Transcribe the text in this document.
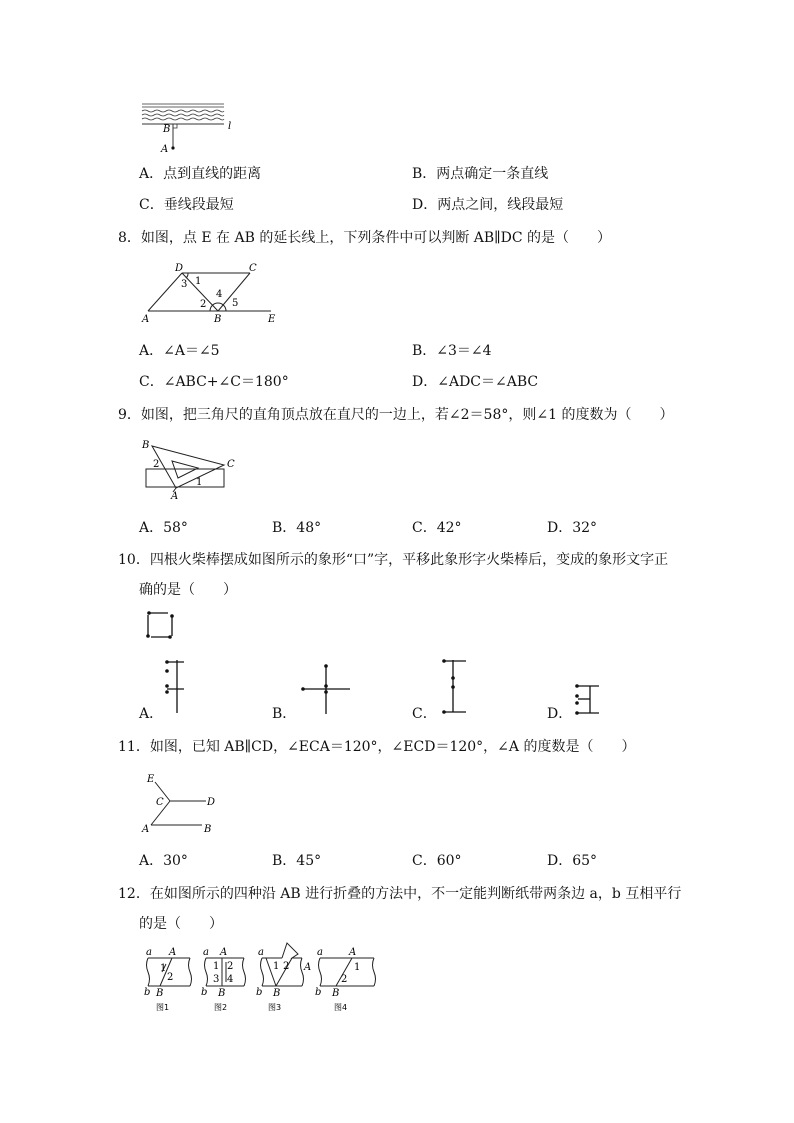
B
A
l
A．点到直线的距离	B．两点确定一条直线
C．垂线段最短	D．两点之间，线段最短
8．如图，点 E 在 AB 的延长线上，下列条件中可以判断 AB∥DC 的是（　　）
D	C
A	B	E
1
3
2
4
5
A．∠A＝∠5	B．∠3＝∠4
C．∠ABC+∠C＝180°	D．∠ADC＝∠ABC
9．如图，把三角尺的直角顶点放在直尺的一边上，若∠2＝58°，则∠1 的度数为（　　）
B
C
A
2
1
A．58°	B．48°	C．42°	D．32°
10．四根火柴棒摆成如图所示的象形“口”字，平移此象形字火柴棒后，变成的象形文字正
确的是（　　）
A．	B．	C．	D．
11．如图，已知 AB∥CD，∠ECA＝120°，∠ECD＝120°，∠A 的度数是（　　）
E
C	D
A	B
A．30°	B．45°	C．60°	D．65°
12．在如图所示的四种沿 AB 进行折叠的方法中，不一定能判断纸带两条边 a，b 互相平行
的是（　　）
a A
b B
1
2
图1
a A
b B
1 2
3 4
图2
a
A
b B
1 2
图3
a	A
b B
1
2
图4
